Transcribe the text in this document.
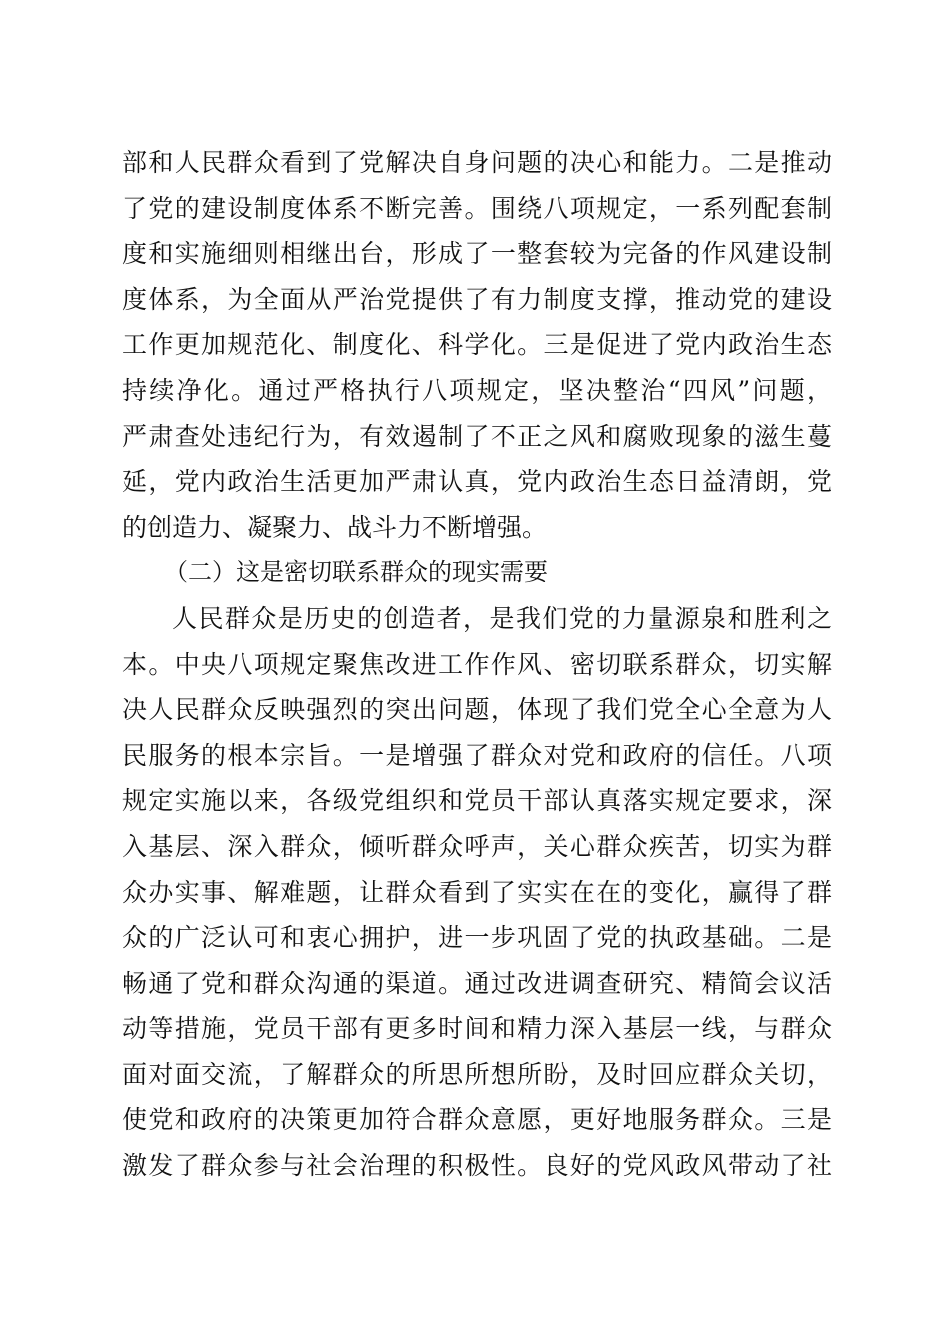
部和人民群众看到了党解决自身问题的决心和能力。二是推动
了党的建设制度体系不断完善。围绕八项规定，一系列配套制
度和实施细则相继出台，形成了一整套较为完备的作风建设制
度体系，为全面从严治党提供了有力制度支撑，推动党的建设
工作更加规范化、制度化、科学化。三是促进了党内政治生态
持续净化。通过严格执行八项规定，坚决整治“四风”问题，
严肃查处违纪行为，有效遏制了不正之风和腐败现象的滋生蔓
延，党内政治生活更加严肃认真，党内政治生态日益清朗，党
的创造力、凝聚力、战斗力不断增强。
（二）这是密切联系群众的现实需要
人民群众是历史的创造者，是我们党的力量源泉和胜利之
本。中央八项规定聚焦改进工作作风、密切联系群众，切实解
决人民群众反映强烈的突出问题，体现了我们党全心全意为人
民服务的根本宗旨。一是增强了群众对党和政府的信任。八项
规定实施以来，各级党组织和党员干部认真落实规定要求，深
入基层、深入群众，倾听群众呼声，关心群众疾苦，切实为群
众办实事、解难题，让群众看到了实实在在的变化，赢得了群
众的广泛认可和衷心拥护，进一步巩固了党的执政基础。二是
畅通了党和群众沟通的渠道。通过改进调查研究、精简会议活
动等措施，党员干部有更多时间和精力深入基层一线，与群众
面对面交流，了解群众的所思所想所盼，及时回应群众关切，
使党和政府的决策更加符合群众意愿，更好地服务群众。三是
激发了群众参与社会治理的积极性。良好的党风政风带动了社
